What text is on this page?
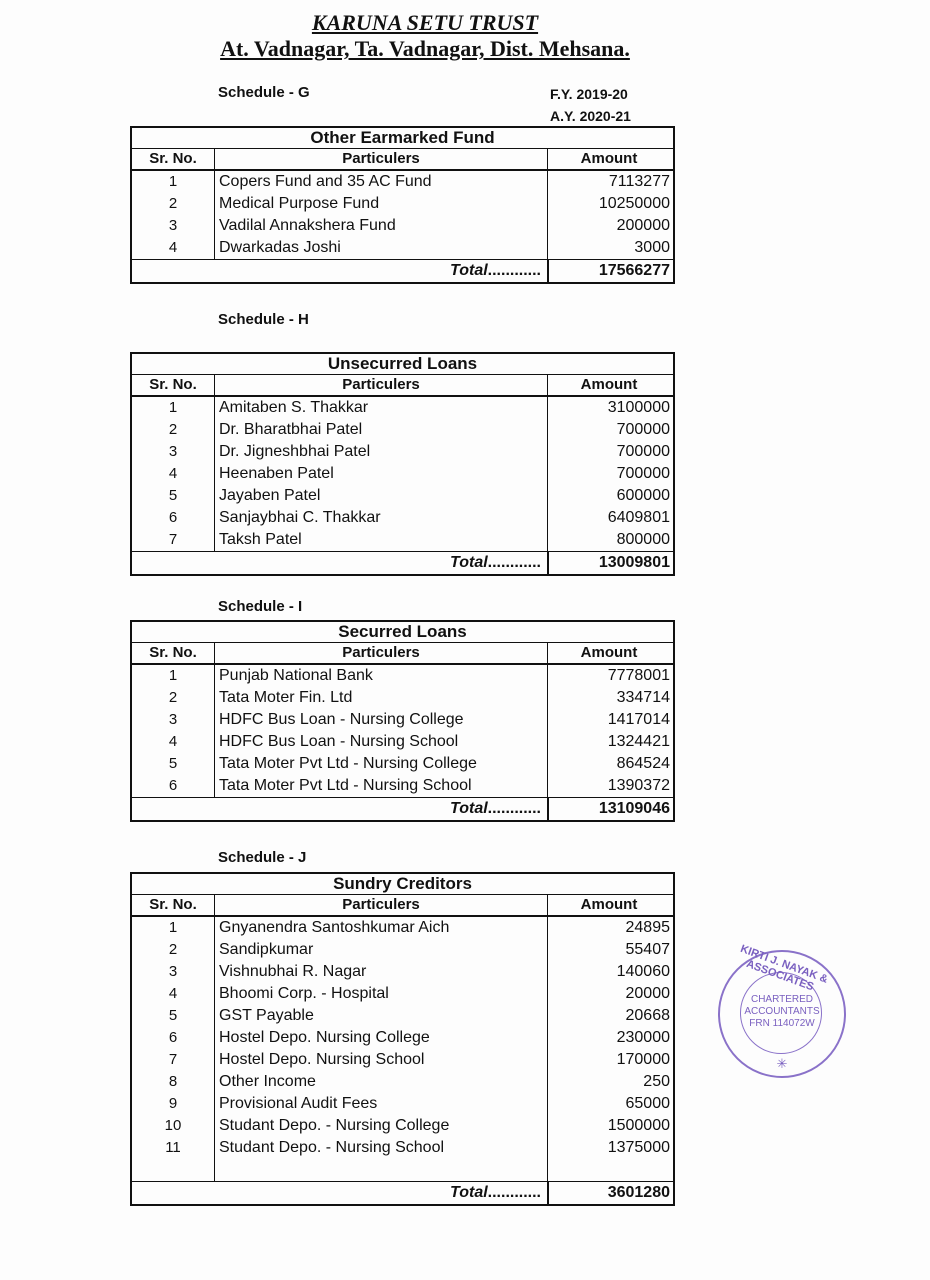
KARUNA SETU TRUST
At. Vadnagar, Ta. Vadnagar, Dist. Mehsana.
F.Y. 2019-20
A.Y. 2020-21
Schedule - G
Other Earmarked Fund
Sr. No.	Particulers	Amount
1	Copers Fund and 35 AC Fund	7113277
2	Medical Purpose Fund	10250000
3	Vadilal Annakshera Fund	200000
4	Dwarkadas Joshi	3000
Total............	17566277
Schedule - H
Unsecurred Loans
Sr. No.	Particulers	Amount
1	Amitaben S. Thakkar	3100000
2	Dr. Bharatbhai Patel	700000
3	Dr. Jigneshbhai Patel	700000
4	Heenaben Patel	700000
5	Jayaben Patel	600000
6	Sanjaybhai C. Thakkar	6409801
7	Taksh Patel	800000
Total............	13009801
Schedule - I
Securred Loans
Sr. No.	Particulers	Amount
1	Punjab National Bank	7778001
2	Tata Moter Fin. Ltd	334714
3	HDFC Bus Loan - Nursing College	1417014
4	HDFC Bus Loan - Nursing School	1324421
5	Tata Moter Pvt Ltd - Nursing College	864524
6	Tata Moter Pvt Ltd - Nursing School	1390372
Total............	13109046
Schedule - J
Sundry Creditors
Sr. No.	Particulers	Amount
1	Gnyanendra Santoshkumar Aich	24895
2	Sandipkumar	55407
3	Vishnubhai R. Nagar	140060
4	Bhoomi Corp. - Hospital	20000
5	GST Payable	20668
6	Hostel Depo. Nursing College	230000
7	Hostel Depo. Nursing School	170000
8	Other Income	250
9	Provisional Audit Fees	65000
10	Studant Depo. - Nursing College	1500000
11	Studant Depo. - Nursing School	1375000
Total............	3601280
KIRTI J. NAYAK & ASSOCIATES
CHARTERED
ACCOUNTANTS
FRN 114072W
✳
